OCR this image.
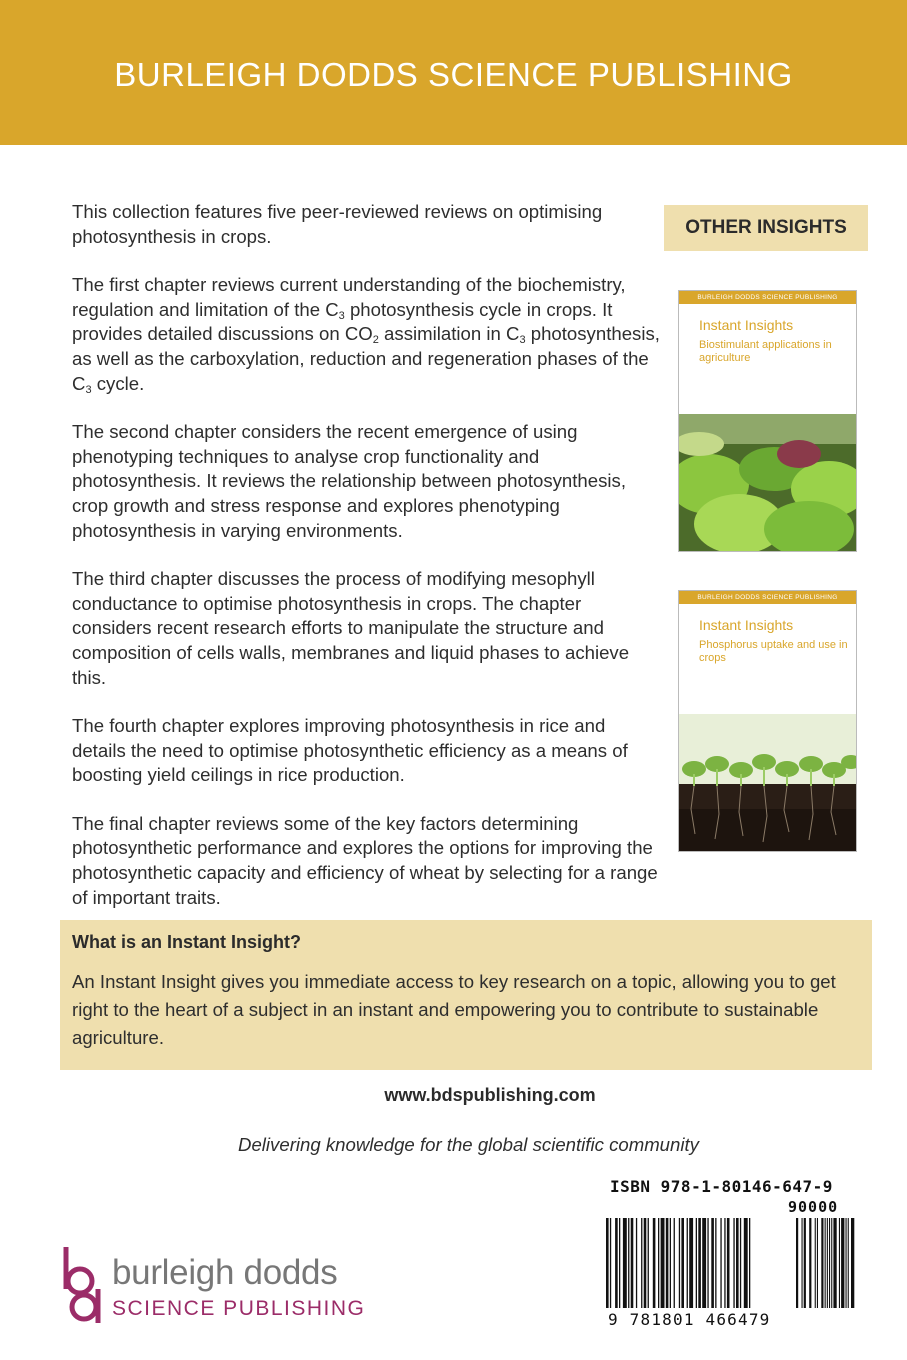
BURLEIGH DODDS SCIENCE PUBLISHING

This collection features five peer-reviewed reviews on optimising photosynthesis in crops.

The first chapter reviews current understanding of the biochemistry, regulation and limitation of the $C_3$ photosynthesis cycle in crops. It provides detailed discussions on $CO_2$ assimilation in $C_3$ photosynthesis, as well as the carboxylation, reduction and regeneration phases of the $C_3$ cycle.

The second chapter considers the recent emergence of using phenotyping techniques to analyse crop functionality and photosynthesis. It reviews the relationship between photosynthesis, crop growth and stress response and explores phenotyping photosynthesis in varying environments.

The third chapter discusses the process of modifying mesophyll conductance to optimise photosynthesis in crops. The chapter considers recent research efforts to manipulate the structure and composition of cells walls, membranes and liquid phases to achieve this.

The fourth chapter explores improving photosynthesis in rice and details the need to optimise photosynthetic efficiency as a means of boosting yield ceilings in rice production.

The final chapter reviews some of the key factors determining photosynthetic performance and explores the options for improving the photosynthetic capacity and efficiency of wheat by selecting for a range of important traits.

OTHER INSIGHTS
BURLEIGH DODDS SCIENCE PUBLISHING
Instant Insights
Biostimulant applications in agriculture
BURLEIGH DODDS SCIENCE PUBLISHING
Instant Insights
Phosphorus uptake and use in crops
What is an Instant Insight?
An Instant Insight gives you immediate access to key research on a topic, allowing you to get right to the heart of a subject in an instant and empowering you to contribute to sustainable agriculture.
www.bdspublishing.com
Delivering knowledge for the global scientific community
burleigh dodds
SCIENCE PUBLISHING
ISBN 978-1-80146-647-9
90000
9 781801 466479
